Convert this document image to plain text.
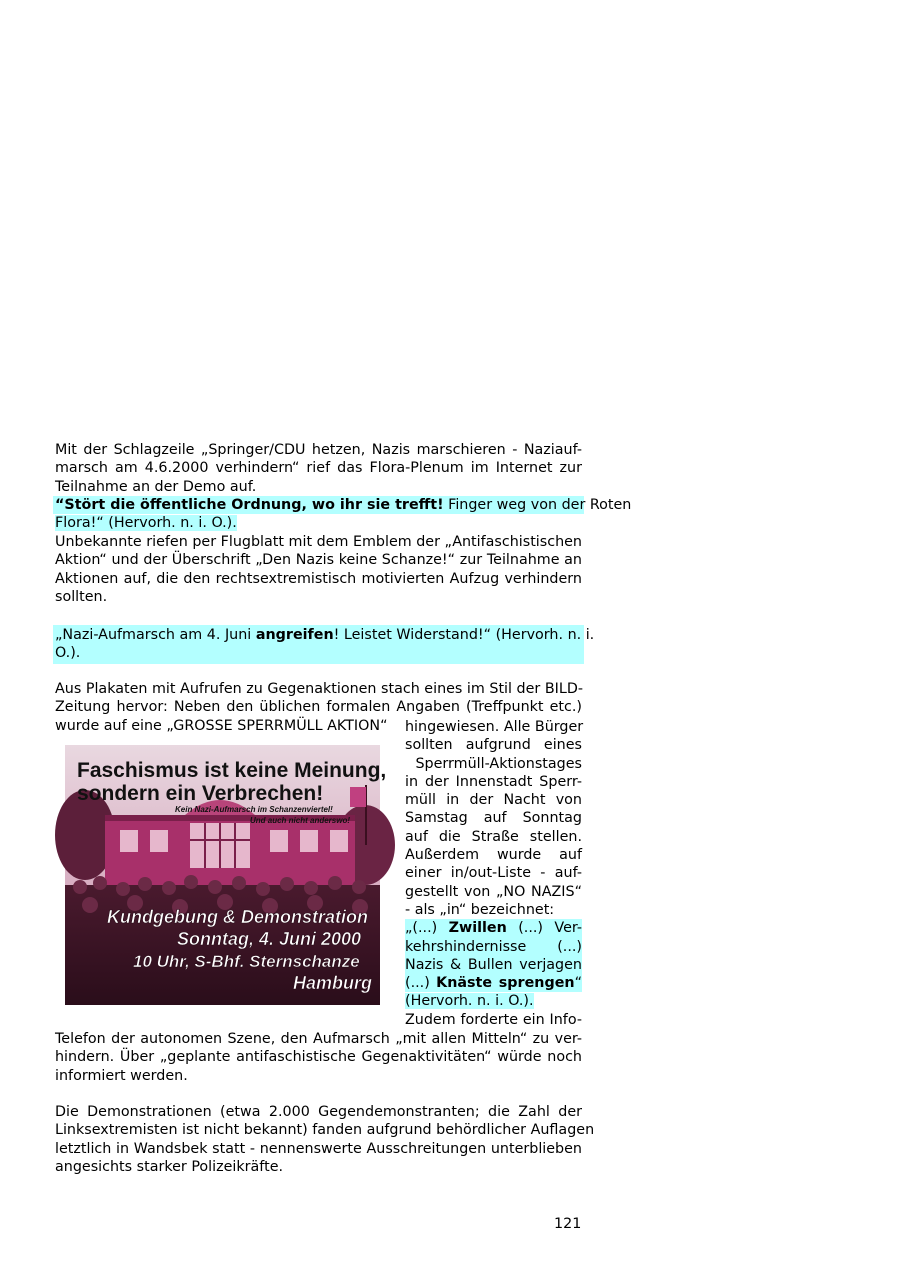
Mit der Schlagzeile „Springer/CDU hetzen, Nazis marschieren - Naziauf-
marsch am 4.6.2000 verhindern“ rief das Flora-Plenum im Internet zur
Teilnahme an der Demo auf.
“Stört die öffentliche Ordnung, wo ihr sie trefft! Finger weg von der Roten
Flora!“ (Hervorh. n. i. O.).
Unbekannte riefen per Flugblatt mit dem Emblem der „Antifaschistischen
Aktion“ und der Überschrift „Den Nazis keine Schanze!“ zur Teilnahme an
Aktionen auf, die den rechtsextremistisch motivierten Aufzug verhindern
sollten.
„Nazi-Aufmarsch am 4. Juni angreifen! Leistet Widerstand!“ (Hervorh. n. i.
O.).
Aus Plakaten mit Aufrufen zu Gegenaktionen stach eines im Stil der BILD-
Zeitung hervor: Neben den üblichen formalen Angaben (Treffpunkt etc.)
wurde auf eine „GROSSE SPERRMÜLL AKTION“
Faschismus ist keine Meinung,
sondern ein Verbrechen!
Kein Nazi-Aufmarsch im Schanzenviertel!
Und auch nicht anderswo!
Kundgebung & Demonstration
Sonntag, 4. Juni 2000
10 Uhr, S-Bhf. Sternschanze
Hamburg
hingewiesen. Alle Bürger
sollten aufgrund eines
Sperrmüll-Aktionstages
in der Innenstadt Sperr-
müll in der Nacht von
Samstag auf Sonntag
auf die Straße stellen.
Außerdem wurde auf
einer in/out-Liste - auf-
gestellt von „NO NAZIS“
- als „in“ bezeichnet:
„(...) Zwillen (...) Ver-
kehrshindernisse (...)
Nazis & Bullen verjagen
(...) Knäste sprengen“
(Hervorh. n. i. O.).
Zudem forderte ein Info-
Telefon der autonomen Szene, den Aufmarsch „mit allen Mitteln“ zu ver-
hindern. Über „geplante antifaschistische Gegenaktivitäten“ würde noch
informiert werden.
Die Demonstrationen (etwa 2.000 Gegendemonstranten; die Zahl der
Linksextremisten ist nicht bekannt) fanden aufgrund behördlicher Auflagen
letztlich in Wandsbek statt - nennenswerte Ausschreitungen unterblieben
angesichts starker Polizeikräfte.
121
